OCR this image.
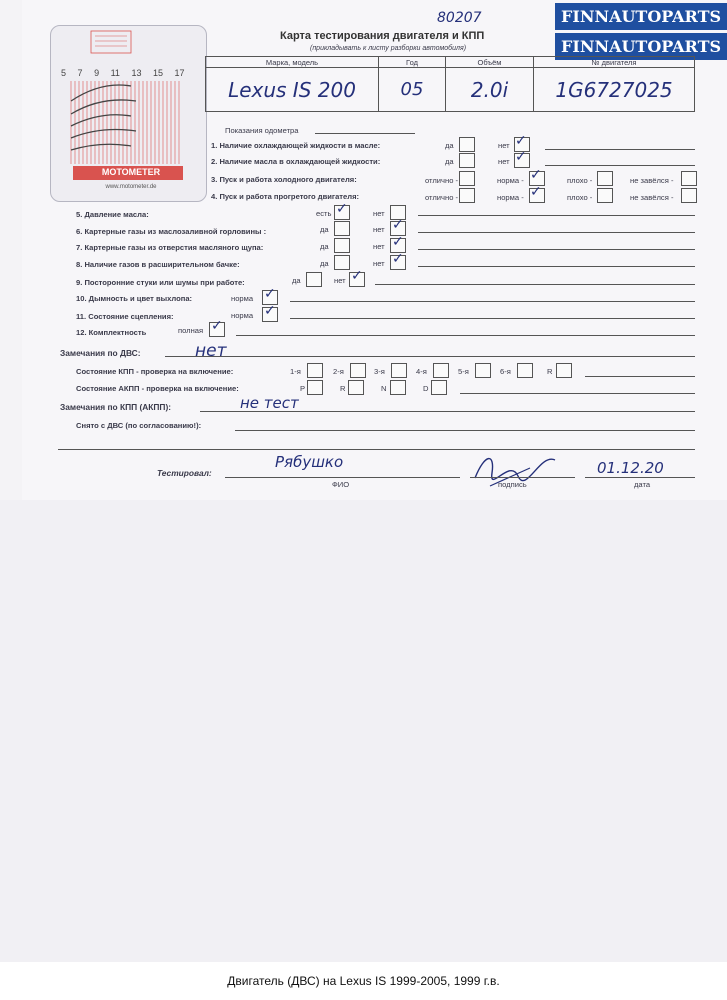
FINNAUTOPARTS
FINNAUTOPARTS
5 7 9 11 13 15 17
MOTOMETER
www.motometer.de
80207
Карта тестирования двигателя и КПП
(прикладывать к листу разборки автомобиля)
Марка, модель	Год	Объём	№ двигателя
Lexus IS 200	05	2.0i	1G6727025
Показания одометра
1. Наличие охлаждающей жидкости в масле:	да	нет ✓
2. Наличие масла в охлаждающей жидкости:	да	нет ✓
3. Пуск и работа холодного двигателя:	отлично -	норма - ✓	плохо -	не завёлся -
4. Пуск и работа прогретого двигателя:	отлично -	норма - ✓	плохо -	не завёлся -
5. Давление масла:	есть ✓	нет
6. Картерные газы из маслозаливной горловины :	да	нет ✓
7. Картерные газы из отверстия масляного щупа:	да	нет ✓
8. Наличие газов в расширительном бачке:	да	нет ✓
9. Посторонние стуки или шумы при работе:	да	нет ✓
10. Дымность и цвет выхлопа:	норма ✓
11. Состояние сцепления:	норма ✓
12. Комплектность	полная ✓
Замечания по ДВС:	нет
Состояние КПП - проверка на включение:	1-я	2-я	3-я	4-я	5-я	6-я	R
Состояние АКПП - проверка на включение:	P	R	N	D
Замечания по КПП (АКПП):	не тест
Снято с ДВС (по согласованию!):
Тестировал:
Рябушко
ФИО	подпись
01.12.20
дата
Двигатель (ДВС) на Lexus IS 1999-2005, 1999 г.в.
